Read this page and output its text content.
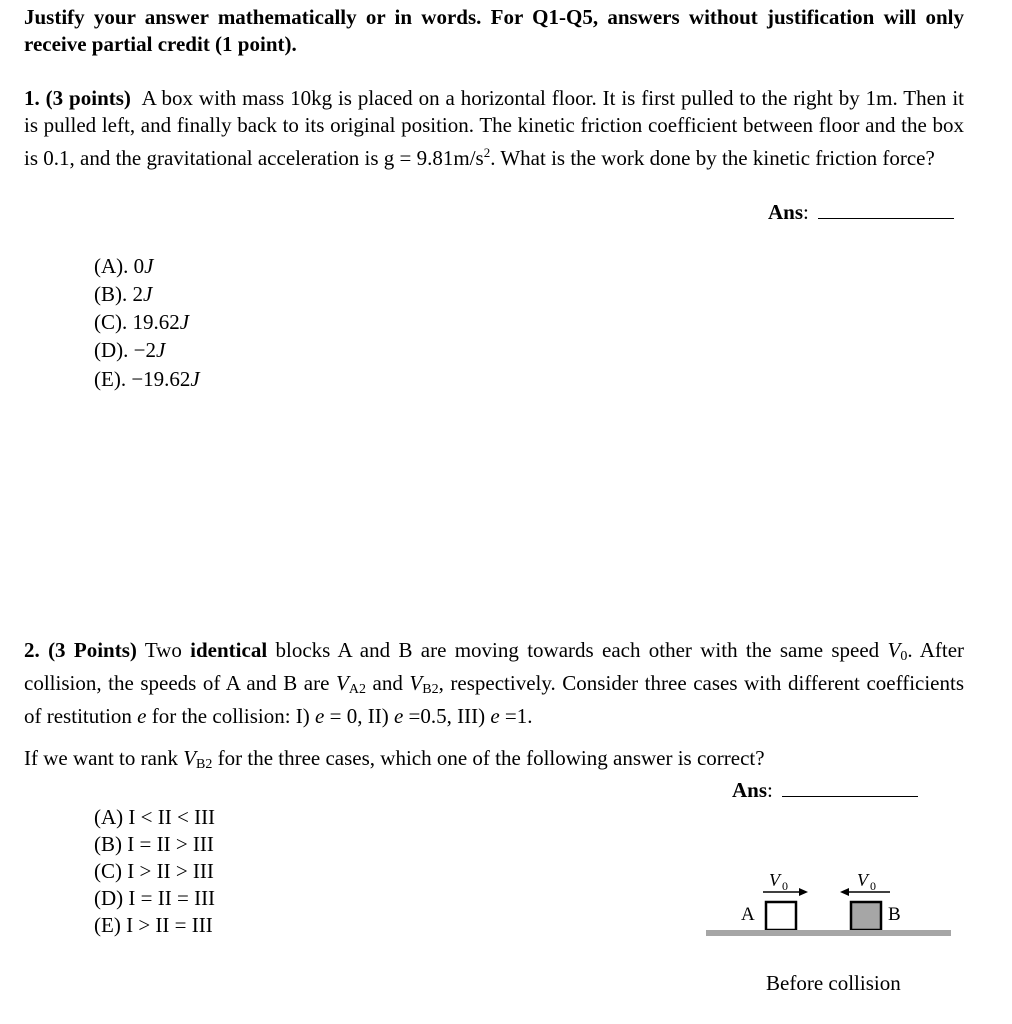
Justify your answer mathematically or in words. For Q1-Q5, answers without justification will only receive partial credit (1 point).
1. (3 points) A box with mass 10kg is placed on a horizontal floor. It is first pulled to the right by 1m. Then it is pulled left, and finally back to its original position. The kinetic friction coefficient between floor and the box is 0.1, and the gravitational acceleration is $g = 9.81m/s^2$. What is the work done by the kinetic friction force?
Ans:
(A). 0J
(B). 2J
(C). 19.62J
(D). −2J
(E). −19.62J
2. (3 Points) Two identical blocks A and B are moving towards each other with the same speed $V_0$. After collision, the speeds of A and B are $V_{A2}$ and $V_{B2}$, respectively. Consider three cases with different coefficients of restitution e for the collision: I) e = 0, II) e =0.5, III) e =1.
If we want to rank $V_{B2}$ for the three cases, which one of the following answer is correct?
Ans:
(A) I < II < III
(B) I = II > III
(C) I > II > III
(D) I = II = III
(E) I > II = III
V 0	V 0
A	B
Before collision
